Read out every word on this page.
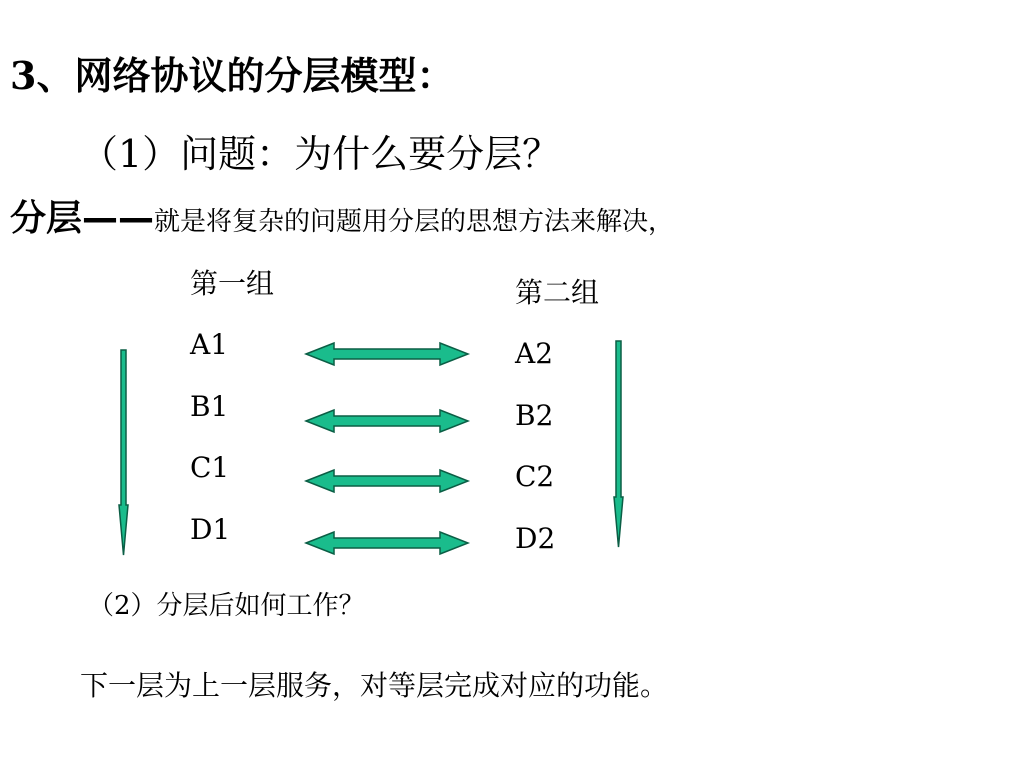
3、网络协议的分层模型：
（1）问题：为什么要分层？
分层——就是将复杂的问题用分层的思想方法来解决，
第一组
A1
B1
C1
D1
第二组
A2
B2
C2
D2
（2）分层后如何工作？
下一层为上一层服务，对等层完成对应的功能。
